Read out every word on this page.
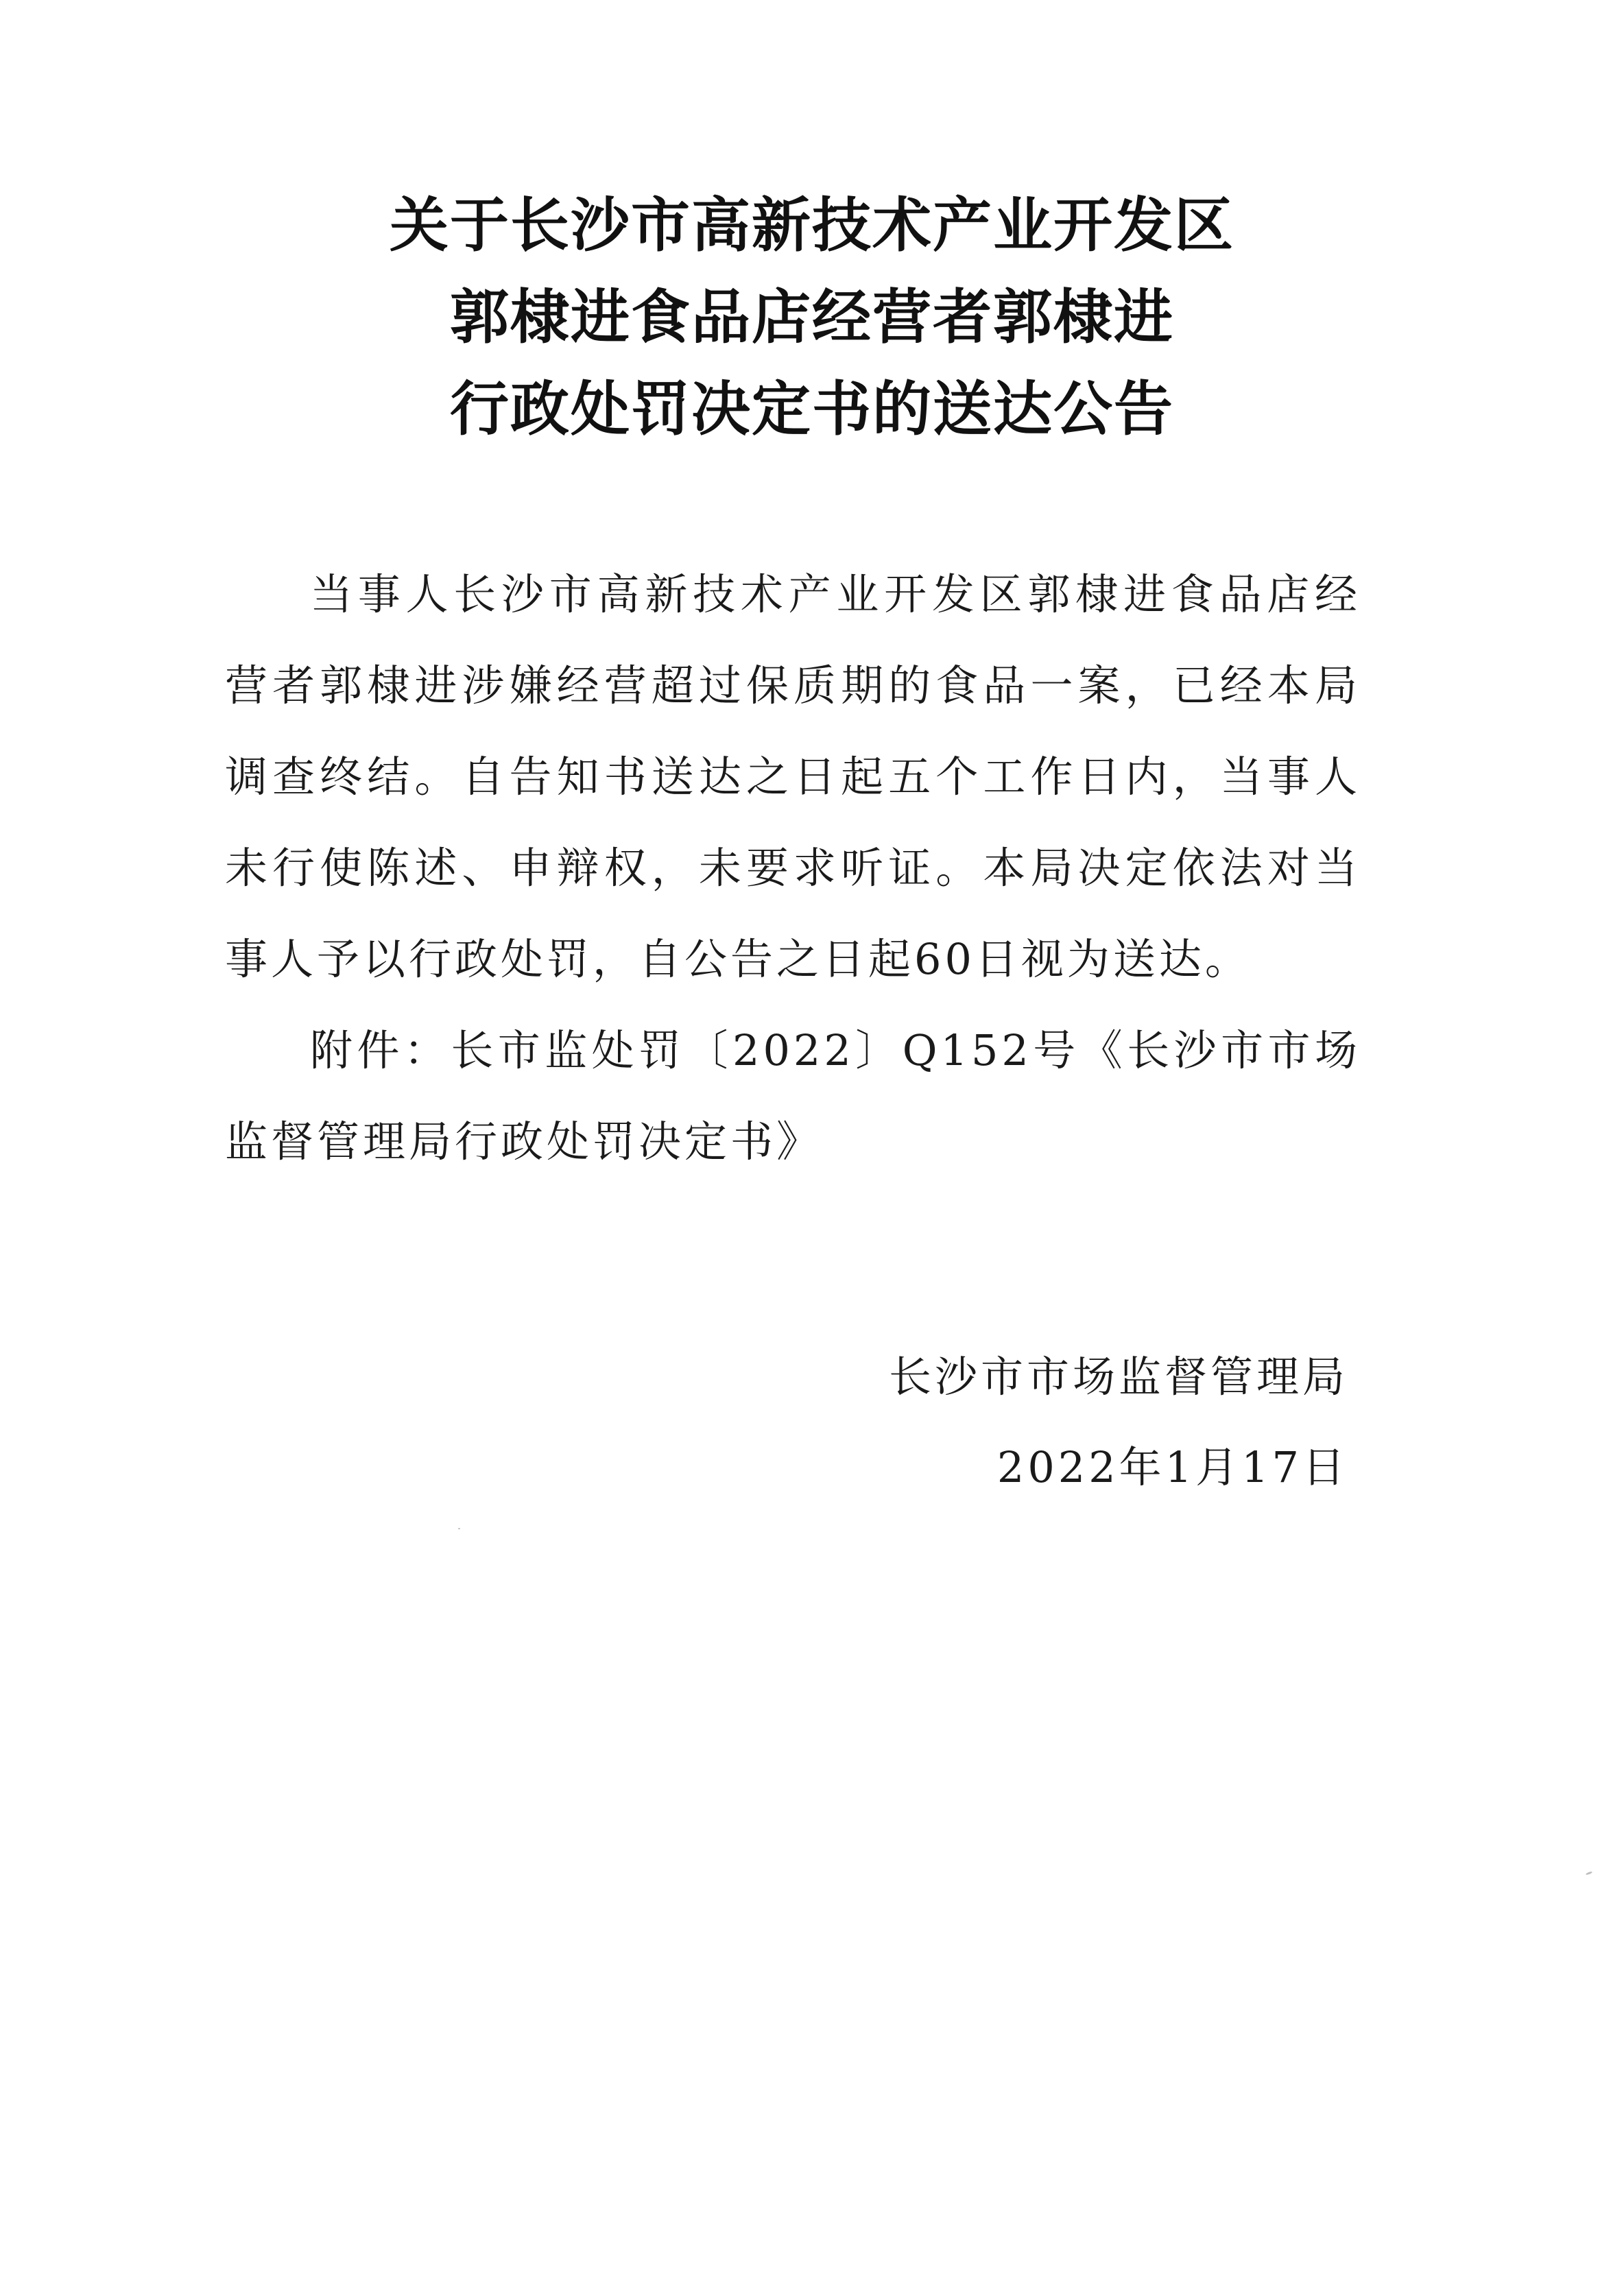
关于长沙市高新技术产业开发区
郭棣进食品店经营者郭棣进
行政处罚决定书的送达公告

当事人长沙市高新技术产业开发区郭棣进食品店经营者郭棣进涉嫌经营超过保质期的食品一案，已经本局调查终结。自告知书送达之日起五个工作日内，当事人未行使陈述、申辩权，未要求听证。本局决定依法对当事人予以行政处罚，自公告之日起60日视为送达。

附件：长市监处罚〔2022〕Q152号《长沙市市场监督管理局行政处罚决定书》

长沙市市场监督管理局
2022年1月17日
